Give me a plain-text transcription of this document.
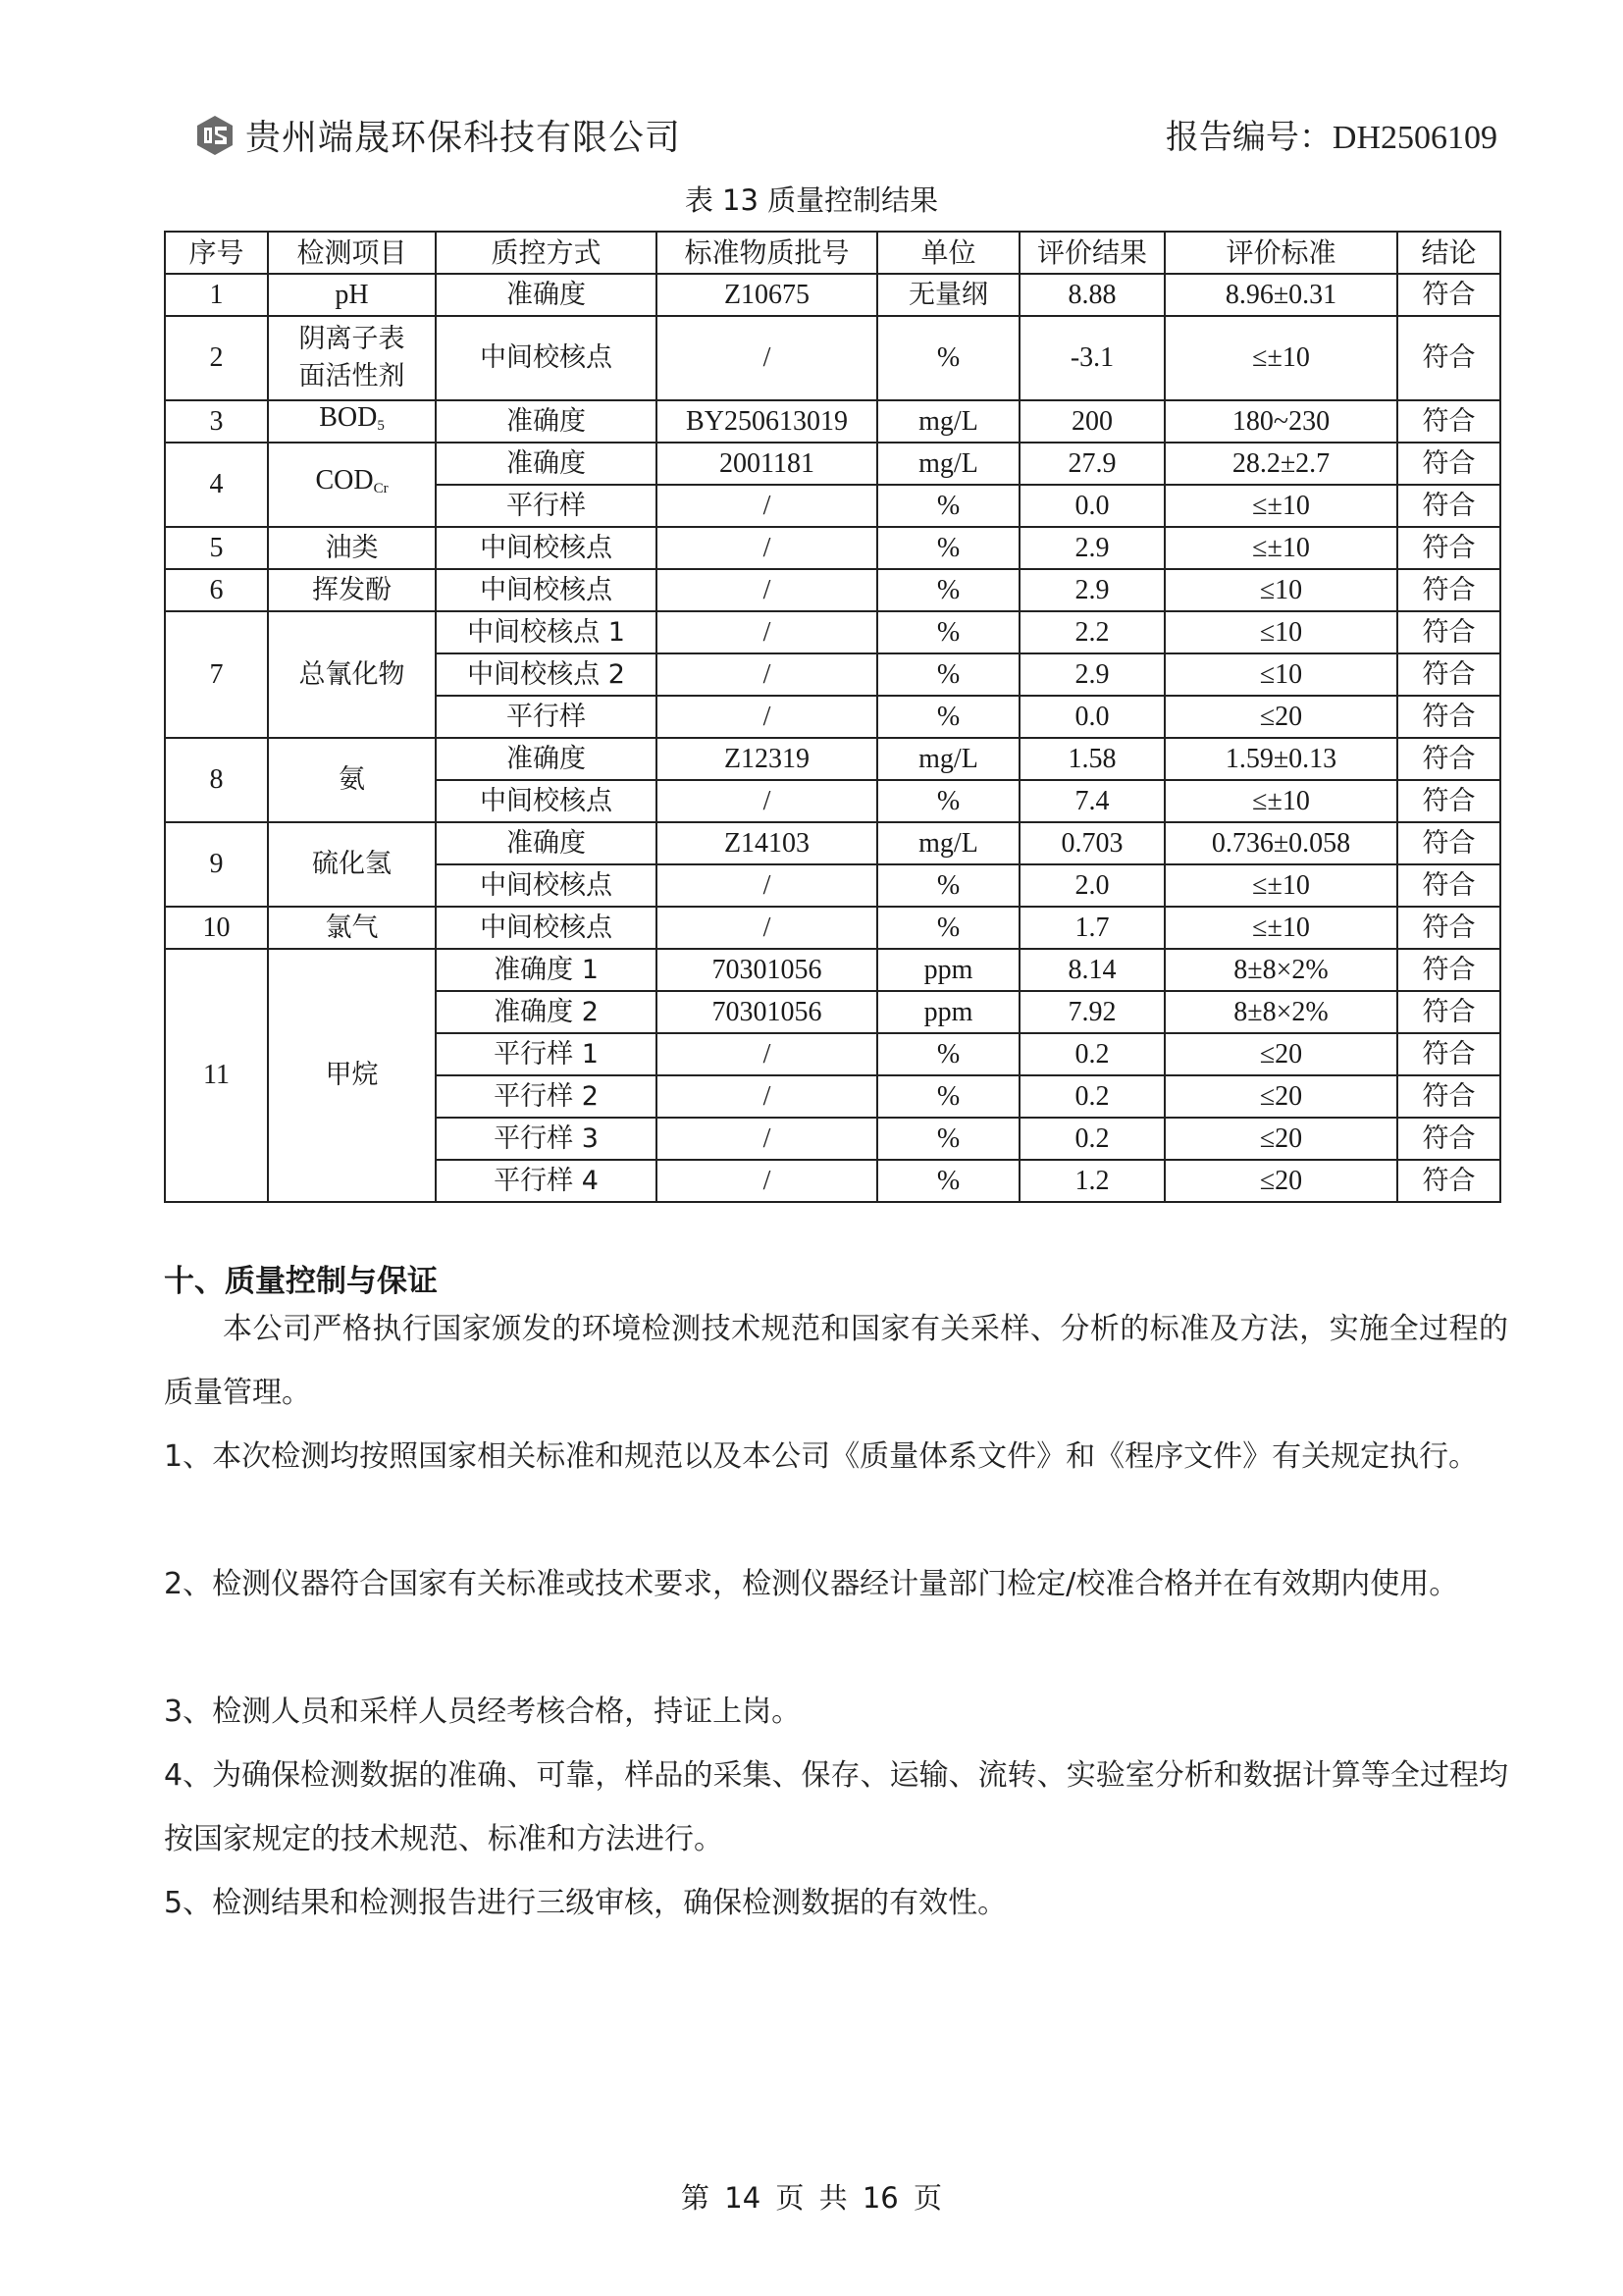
贵州端晟环保科技有限公司	报告编号：DH2506109
表 13 质量控制结果
序号	检测项目	质控方式	标准物质批号	单位	评价结果	评价标准	结论
1	pH	准确度	Z10675	无量纲	8.88	8.96±0.31	符合
2	阴离子表面活性剂	中间校核点	/	%	-3.1	≤±10	符合
3	$BOD_5$	准确度	BY250613019	mg/L	200	180~230	符合
4	$COD_{Cr}$	准确度	2001181	mg/L	27.9	28.2±2.7	符合
		平行样	/	%	0.0	≤±10	符合
5	油类	中间校核点	/	%	2.9	≤±10	符合
6	挥发酚	中间校核点	/	%	2.9	≤10	符合
7	总氰化物	中间校核点 1	/	%	2.2	≤10	符合
		中间校核点 2	/	%	2.9	≤10	符合
		平行样	/	%	0.0	≤20	符合
8	氨	准确度	Z12319	mg/L	1.58	1.59±0.13	符合
		中间校核点	/	%	7.4	≤±10	符合
9	硫化氢	准确度	Z14103	mg/L	0.703	0.736±0.058	符合
		中间校核点	/	%	2.0	≤±10	符合
10	氯气	中间校核点	/	%	1.7	≤±10	符合
11	甲烷	准确度 1	70301056	ppm	8.14	8±8×2%	符合
		准确度 2	70301056	ppm	7.92	8±8×2%	符合
		平行样 1	/	%	0.2	≤20	符合
		平行样 2	/	%	0.2	≤20	符合
		平行样 3	/	%	0.2	≤20	符合
		平行样 4	/	%	1.2	≤20	符合
十、质量控制与保证
本公司严格执行国家颁发的环境检测技术规范和国家有关采样、分析的标准及方法，实施全过程的质量管理。
1、本次检测均按照国家相关标准和规范以及本公司《质量体系文件》和《程序文件》有关规定执行。
2、检测仪器符合国家有关标准或技术要求，检测仪器经计量部门检定/校准合格并在有效期内使用。
3、检测人员和采样人员经考核合格，持证上岗。
4、为确保检测数据的准确、可靠，样品的采集、保存、运输、流转、实验室分析和数据计算等全过程均按国家规定的技术规范、标准和方法进行。
5、检测结果和检测报告进行三级审核，确保检测数据的有效性。
第 14 页 共 16 页
